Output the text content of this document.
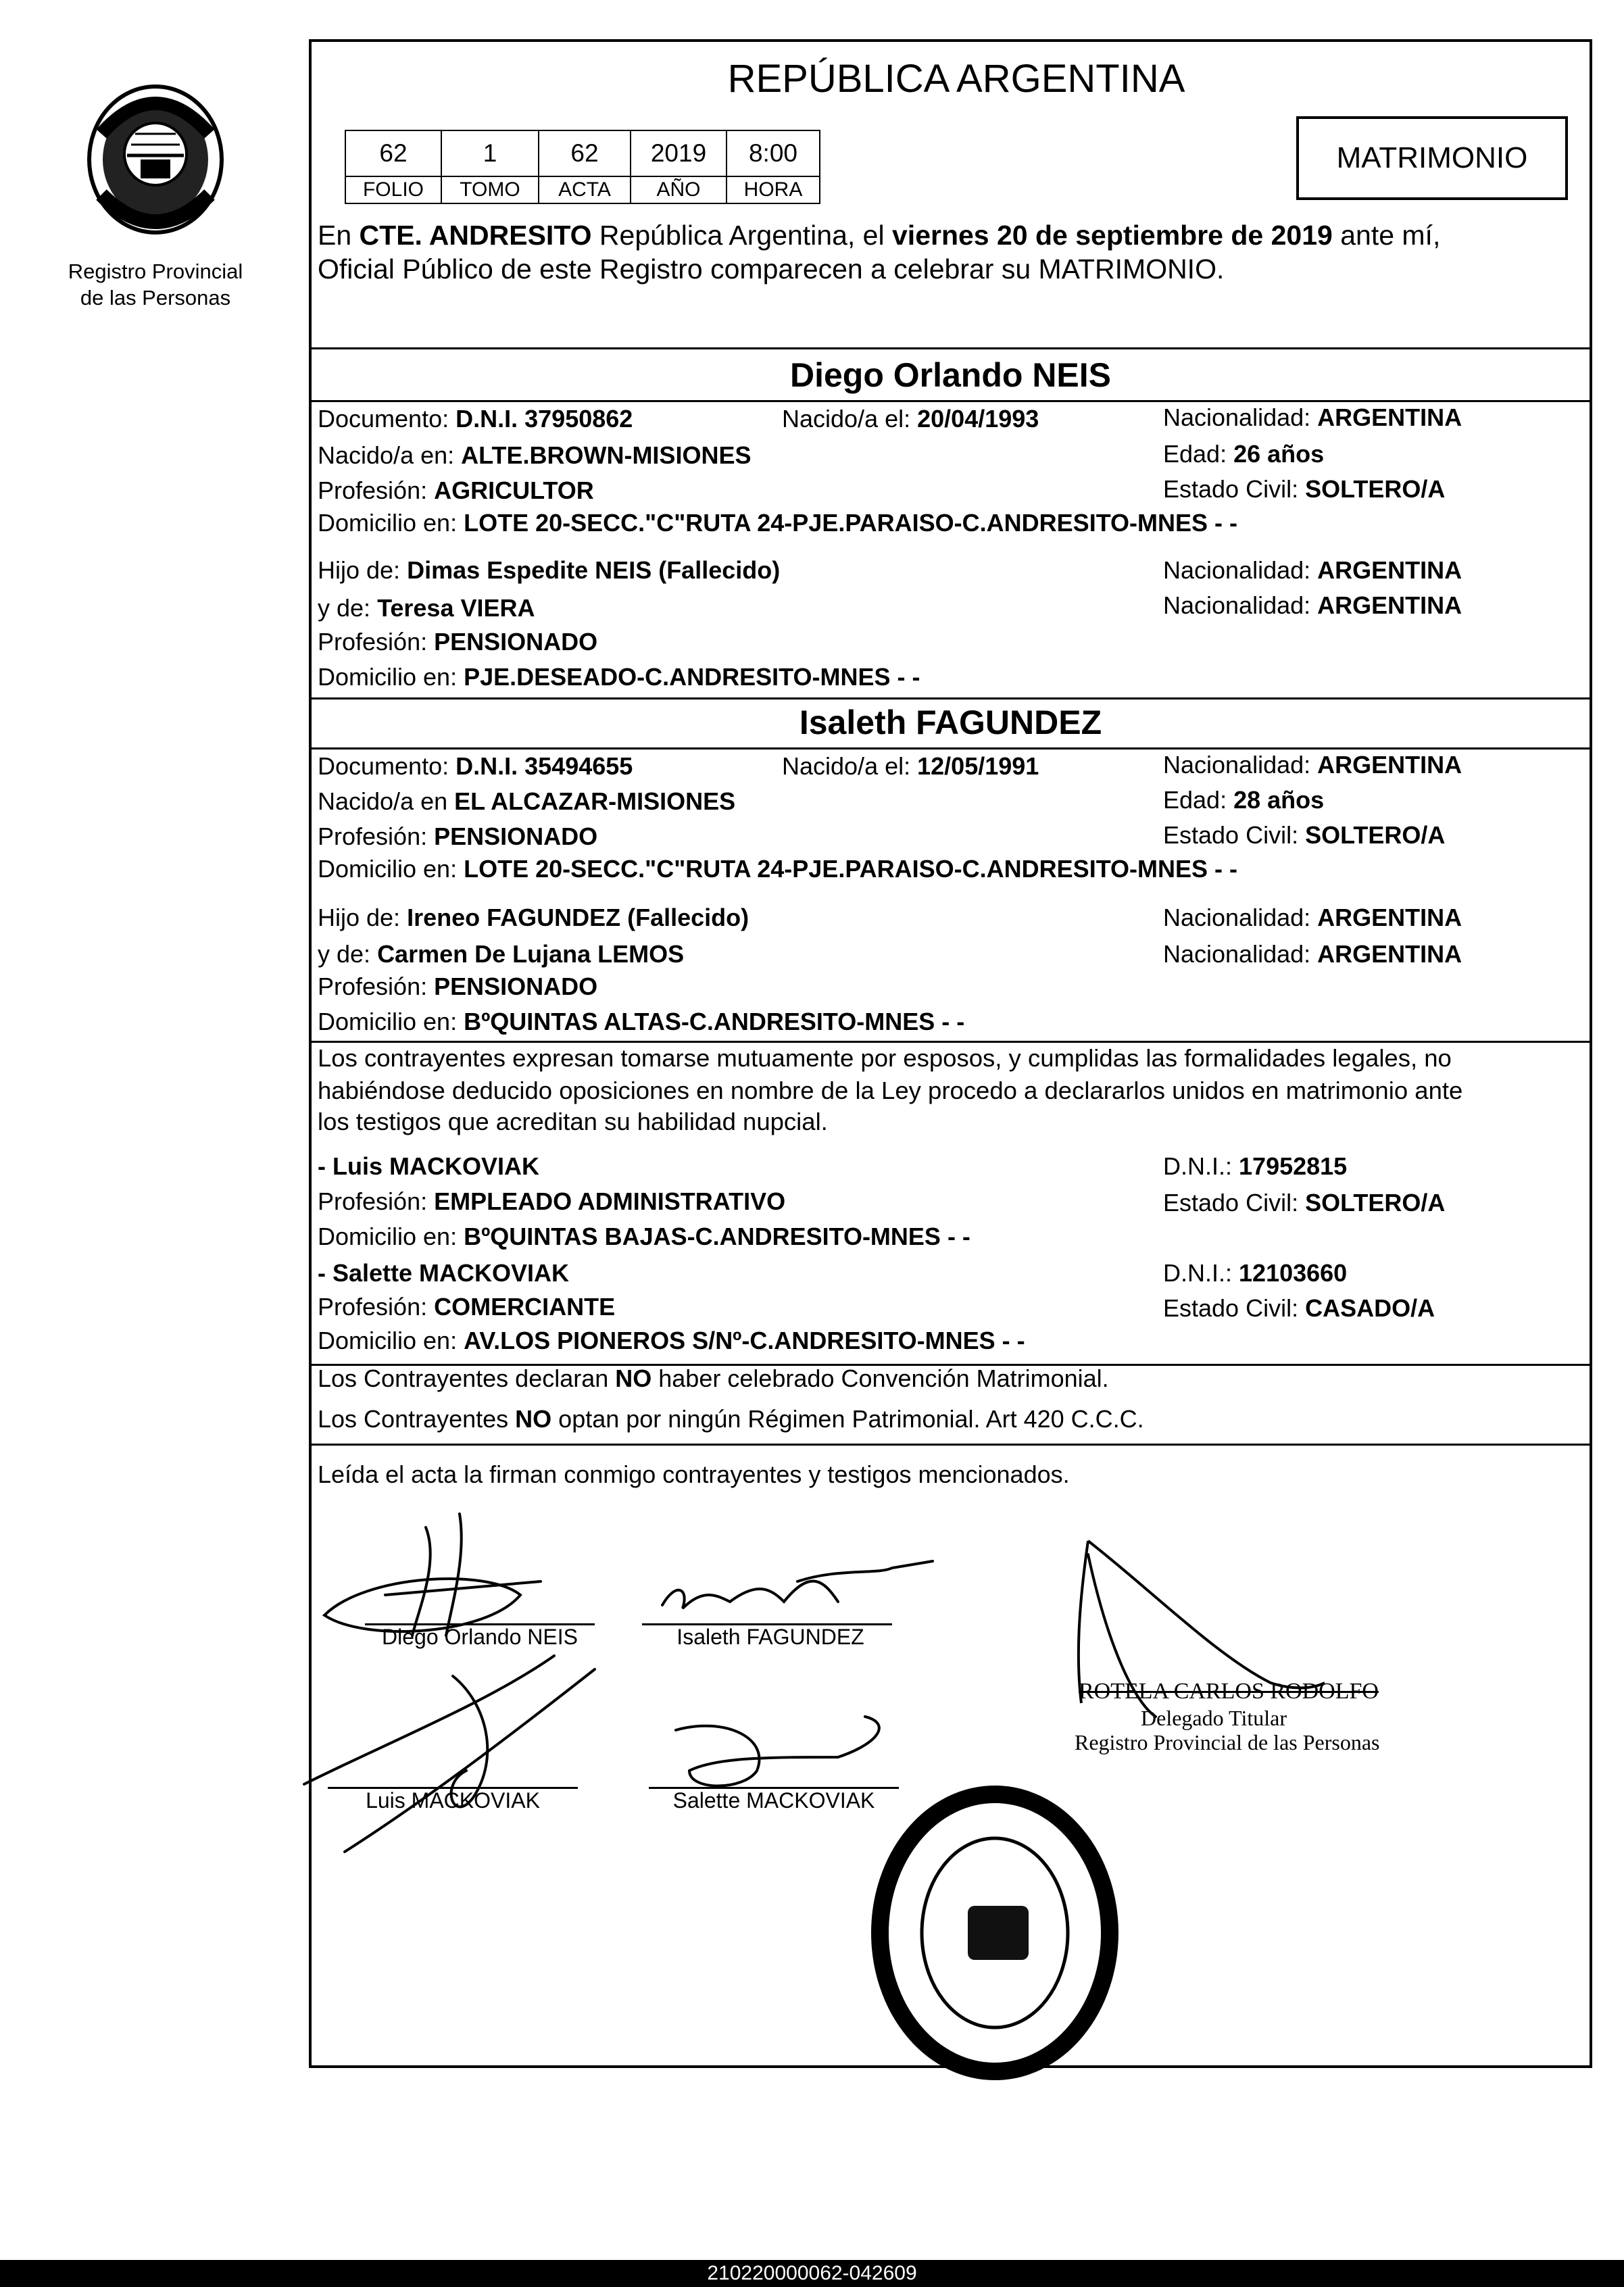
Registro Provincial
de las Personas
REPÚBLICA ARGENTINA
62	1	62	2019	8:00
FOLIO	TOMO	ACTA	AÑO	HORA
MATRIMONIO
En CTE. ANDRESITO República Argentina, el viernes 20 de septiembre de 2019 ante mí,
Oficial Público de este Registro comparecen a celebrar su MATRIMONIO.
Diego Orlando NEIS
Documento: D.N.I. 37950862	Nacido/a el: 20/04/1993	Nacionalidad: ARGENTINA
Nacido/a en: ALTE.BROWN-MISIONES	Edad: 26 años
Profesión: AGRICULTOR	Estado Civil: SOLTERO/A
Domicilio en: LOTE 20-SECC."C"RUTA 24-PJE.PARAISO-C.ANDRESITO-MNES - -
Hijo de: Dimas Espedite NEIS (Fallecido)	Nacionalidad: ARGENTINA
y de: Teresa VIERA	Nacionalidad: ARGENTINA
Profesión: PENSIONADO
Domicilio en: PJE.DESEADO-C.ANDRESITO-MNES - -
Isaleth FAGUNDEZ
Documento: D.N.I. 35494655	Nacido/a el: 12/05/1991	Nacionalidad: ARGENTINA
Nacido/a en EL ALCAZAR-MISIONES	Edad: 28 años
Profesión: PENSIONADO	Estado Civil: SOLTERO/A
Domicilio en: LOTE 20-SECC."C"RUTA 24-PJE.PARAISO-C.ANDRESITO-MNES - -
Hijo de: Ireneo FAGUNDEZ (Fallecido)	Nacionalidad: ARGENTINA
y de: Carmen De Lujana LEMOS	Nacionalidad: ARGENTINA
Profesión: PENSIONADO
Domicilio en: BºQUINTAS ALTAS-C.ANDRESITO-MNES - -
Los contrayentes expresan tomarse mutuamente por esposos, y cumplidas las formalidades legales, no
habiéndose deducido oposiciones en nombre de la Ley procedo a declararlos unidos en matrimonio ante
los testigos que acreditan su habilidad nupcial.
- Luis MACKOVIAK	D.N.I.: 17952815
Profesión: EMPLEADO ADMINISTRATIVO	Estado Civil: SOLTERO/A
Domicilio en: BºQUINTAS BAJAS-C.ANDRESITO-MNES - -
- Salette MACKOVIAK	D.N.I.: 12103660
Profesión: COMERCIANTE	Estado Civil: CASADO/A
Domicilio en: AV.LOS PIONEROS S/Nº-C.ANDRESITO-MNES - -
Los Contrayentes declaran NO haber celebrado Convención Matrimonial.
Los Contrayentes NO optan por ningún Régimen Patrimonial. Art 420 C.C.C.
Leída el acta la firman conmigo contrayentes y testigos mencionados.
Diego Orlando NEIS	Isaleth FAGUNDEZ
Luis MACKOVIAK	Salette MACKOVIAK
ROTELA CARLOS RODOLFO
Delegado Titular
Registro Provincial de las Personas
210220000062-042609
